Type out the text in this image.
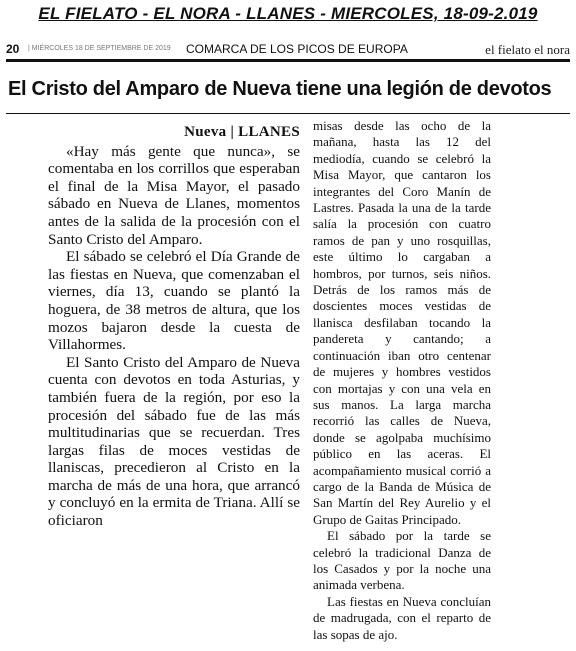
EL FIELATO - EL NORA - LLANES - MIERCOLES, 18-09-2.019
20 | MIÉRCOLES 18 DE SEPTIEMBRE DE 2019 COMARCA DE LOS PICOS DE EUROPA	el fielato el nora
El Cristo del Amparo de Nueva tiene una legión de devotos
Nueva | LLANES

«Hay más gente que nunca», se comentaba en los corrillos que esperaban el final de la Misa Mayor, el pasado sábado en Nueva de Llanes, momentos antes de la salida de la procesión con el Santo Cristo del Amparo.

El sábado se celebró el Día Grande de las fiestas en Nueva, que comenzaban el viernes, día 13, cuando se plantó la hoguera, de 38 metros de altura, que los mozos bajaron desde la cuesta de Villahormes.

El Santo Cristo del Amparo de Nueva cuenta con devotos en toda Asturias, y también fuera de la región, por eso la procesión del sábado fue de las más multitudinarias que se recuerdan. Tres largas filas de moces vestidas de llaniscas, precedieron al Cristo en la marcha de más de una hora, que arrancó y concluyó en la ermita de Triana. Allí se oficiaron

misas desde las ocho de la mañana, hasta las 12 del mediodía, cuando se celebró la Misa Mayor, que cantaron los integrantes del Coro Manín de Lastres. Pasada la una de la tarde salía la procesión con cuatro ramos de pan y uno rosquillas, este último lo cargaban a hombros, por turnos, seis niños. Detrás de los ramos más de doscientes moces vestidas de llanisca desfilaban tocando la pandereta y cantando; a continuación iban otro centenar de mujeres y hombres vestidos con mortajas y con una vela en sus manos. La larga marcha recorrió las calles de Nueva, donde se agolpaba muchísimo público en las aceras. El acompañamiento musical corrió a cargo de la Banda de Música de San Martín del Rey Aurelio y el Grupo de Gaitas Principado.

El sábado por la tarde se celebró la tradicional Danza de los Casados y por la noche una animada verbena.

Las fiestas en Nueva concluían de madrugada, con el reparto de las sopas de ajo.
